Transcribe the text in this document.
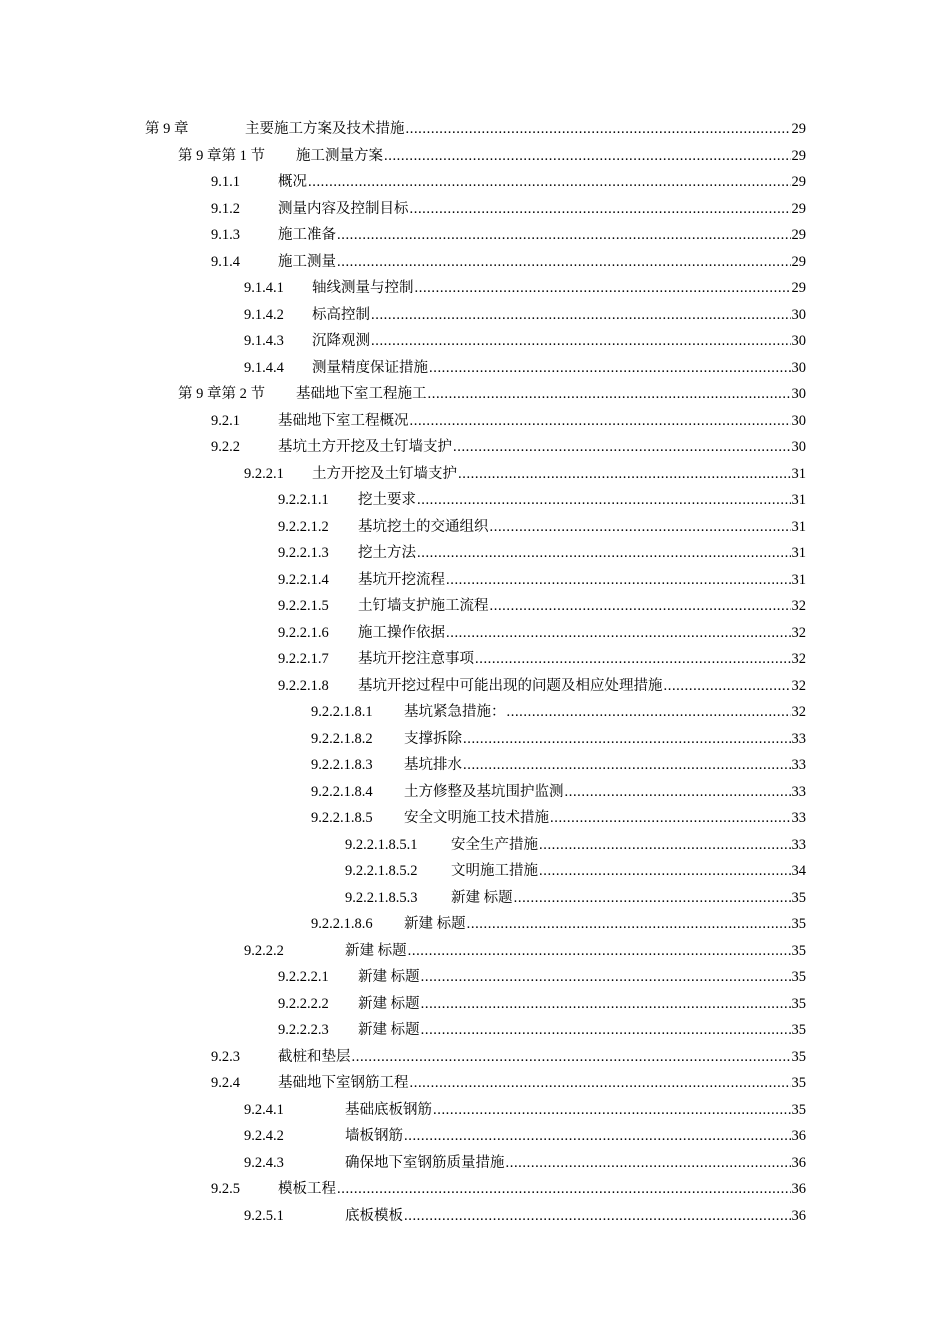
第 9 章	主要施工方案及技术措施 .....	29
第 9 章第 1 节 施工测量方案 .....	29
9.1.1	概况 .....	29
9.1.2	测量内容及控制目标 .....	29
9.1.3	施工准备 .....	29
9.1.4	施工测量 .....	29
9.1.4.1 轴线测量与控制 .....	29
9.1.4.2 标高控制 .....	30
9.1.4.3 沉降观测 .....	30
9.1.4.4 测量精度保证措施 .....	30
第 9 章第 2 节 基础地下室工程施工 .....	30
9.2.1	基础地下室工程概况 .....	30
9.2.2	基坑土方开挖及土钉墙支护 .....	30
9.2.2.1 土方开挖及土钉墙支护 .....	31
9.2.2.1.1 挖土要求 .....	31
9.2.2.1.2 基坑挖土的交通组织 .....	31
9.2.2.1.3 挖土方法 .....	31
9.2.2.1.4 基坑开挖流程 .....	31
9.2.2.1.5 土钉墙支护施工流程 .....	32
9.2.2.1.6 施工操作依据 .....	32
9.2.2.1.7 基坑开挖注意事项 .....	32
9.2.2.1.8 基坑开挖过程中可能出现的问题及相应处理措施 .....	32
9.2.2.1.8.1 基坑紧急措施： .....	32
9.2.2.1.8.2 支撑拆除 .....	33
9.2.2.1.8.3 基坑排水 .....	33
9.2.2.1.8.4 土方修整及基坑围护监测 .....	33
9.2.2.1.8.5 安全文明施工技术措施 .....	33
9.2.2.1.8.5.1 安全生产措施 .....	33
9.2.2.1.8.5.2 文明施工措施 .....	34
9.2.2.1.8.5.3 新建 标题 .....	35
9.2.2.1.8.6 新建 标题 .....	35
9.2.2.2	新建 标题 .....	35
9.2.2.2.1 新建 标题 .....	35
9.2.2.2.2 新建 标题 .....	35
9.2.2.2.3 新建 标题 .....	35
9.2.3	截桩和垫层 .....	35
9.2.4	基础地下室钢筋工程 .....	35
9.2.4.1	基础底板钢筋 .....	35
9.2.4.2	墙板钢筋 .....	36
9.2.4.3	确保地下室钢筋质量措施 .....	36
9.2.5	模板工程 .....	36
9.2.5.1	底板模板 .....	36
